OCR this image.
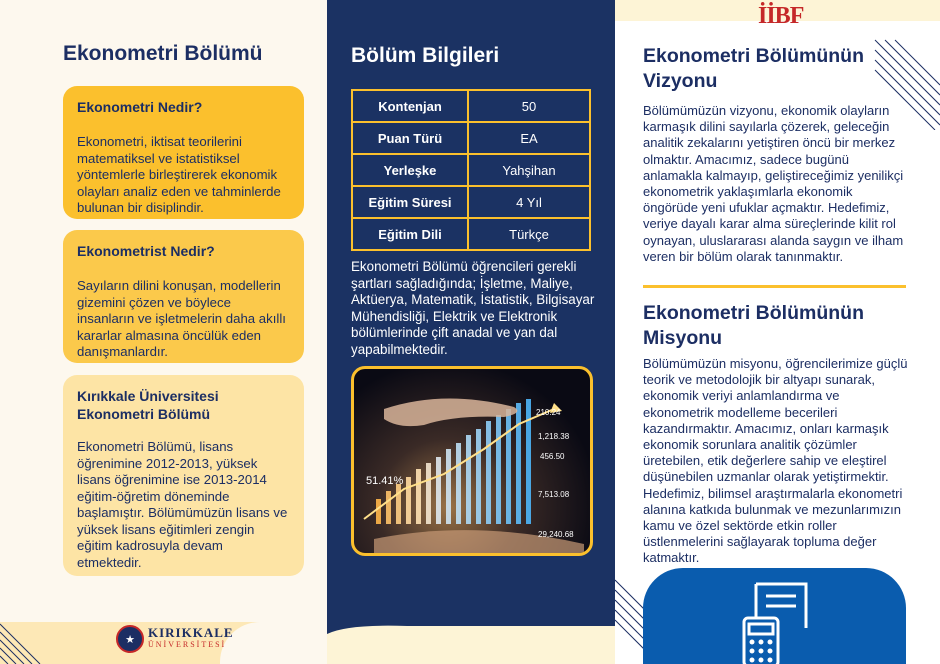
Ekonometri Bölümü
Ekonometri Nedir?
Ekonometri, iktisat teorilerini matematiksel ve istatistiksel yöntemlerle birleştirerek ekonomik olayları analiz eden ve tahminlerde bulunan bir disiplindir.
Ekonometrist Nedir?
Sayıların dilini konuşan, modellerin gizemini çözen ve böylece insanların ve işletmelerin daha akıllı kararlar almasına öncülük eden danışmanlardır.
Kırıkkale Üniversitesi Ekonometri Bölümü
Ekonometri Bölümü, lisans öğrenimine 2012-2013, yüksek lisans öğrenimine ise 2013-2014 eğitim-öğretim döneminde başlamıştır. Bölümümüzün lisans ve yüksek lisans eğitimleri zengin eğitim kadrosuyla devam etmektedir.
★	KIRIKKALE
ÜNİVERSİTESİ
Bölüm Bilgileri
Kontenjan	50
Puan Türü	EA
Yerleşke	Yahşihan
Eğitim Süresi	4 Yıl
Eğitim Dili	Türkçe
Ekonometri Bölümü öğrencileri gerekli şartları sağladığında; İşletme, Maliye, Aktüerya, Matematik, İstatistik, Bilgisayar Mühendisliği, Elektrik ve Elektronik bölümlerinde çift anadal ve yan dal yapabilmektedir.
210.24
51.41%
1,218.38
456.50
7,513.08
29,240.68
İİBF
Ekonometri Bölümünün Vizyonu
Bölümümüzün vizyonu, ekonomik olayların karmaşık dilini sayılarla çözerek, geleceğin analitik zekalarını yetiştiren öncü bir merkez olmaktır. Amacımız, sadece bugünü anlamakla kalmayıp, geliştireceğimiz yenilikçi ekonometrik yaklaşımlarla ekonomik öngörüde yeni ufuklar açmaktır. Hedefimiz, veriye dayalı karar alma süreçlerinde kilit rol oynayan, uluslararası alanda saygın ve ilham veren bir bölüm olarak tanınmaktır.
Ekonometri Bölümünün Misyonu
Bölümümüzün misyonu, öğrencilerimize güçlü teorik ve metodolojik bir altyapı sunarak, ekonomik veriyi anlamlandırma ve ekonometrik modelleme becerileri kazandırmaktır. Amacımız, onları karmaşık ekonomik sorunlara analitik çözümler üretebilen, etik değerlere sahip ve eleştirel düşünebilen uzmanlar olarak yetiştirmektir. Hedefimiz, bilimsel araştırmalarla ekonometri alanına katkıda bulunmak ve mezunlarımızın kamu ve özel sektörde etkin roller üstlenmelerini sağlayarak topluma değer katmaktır.
